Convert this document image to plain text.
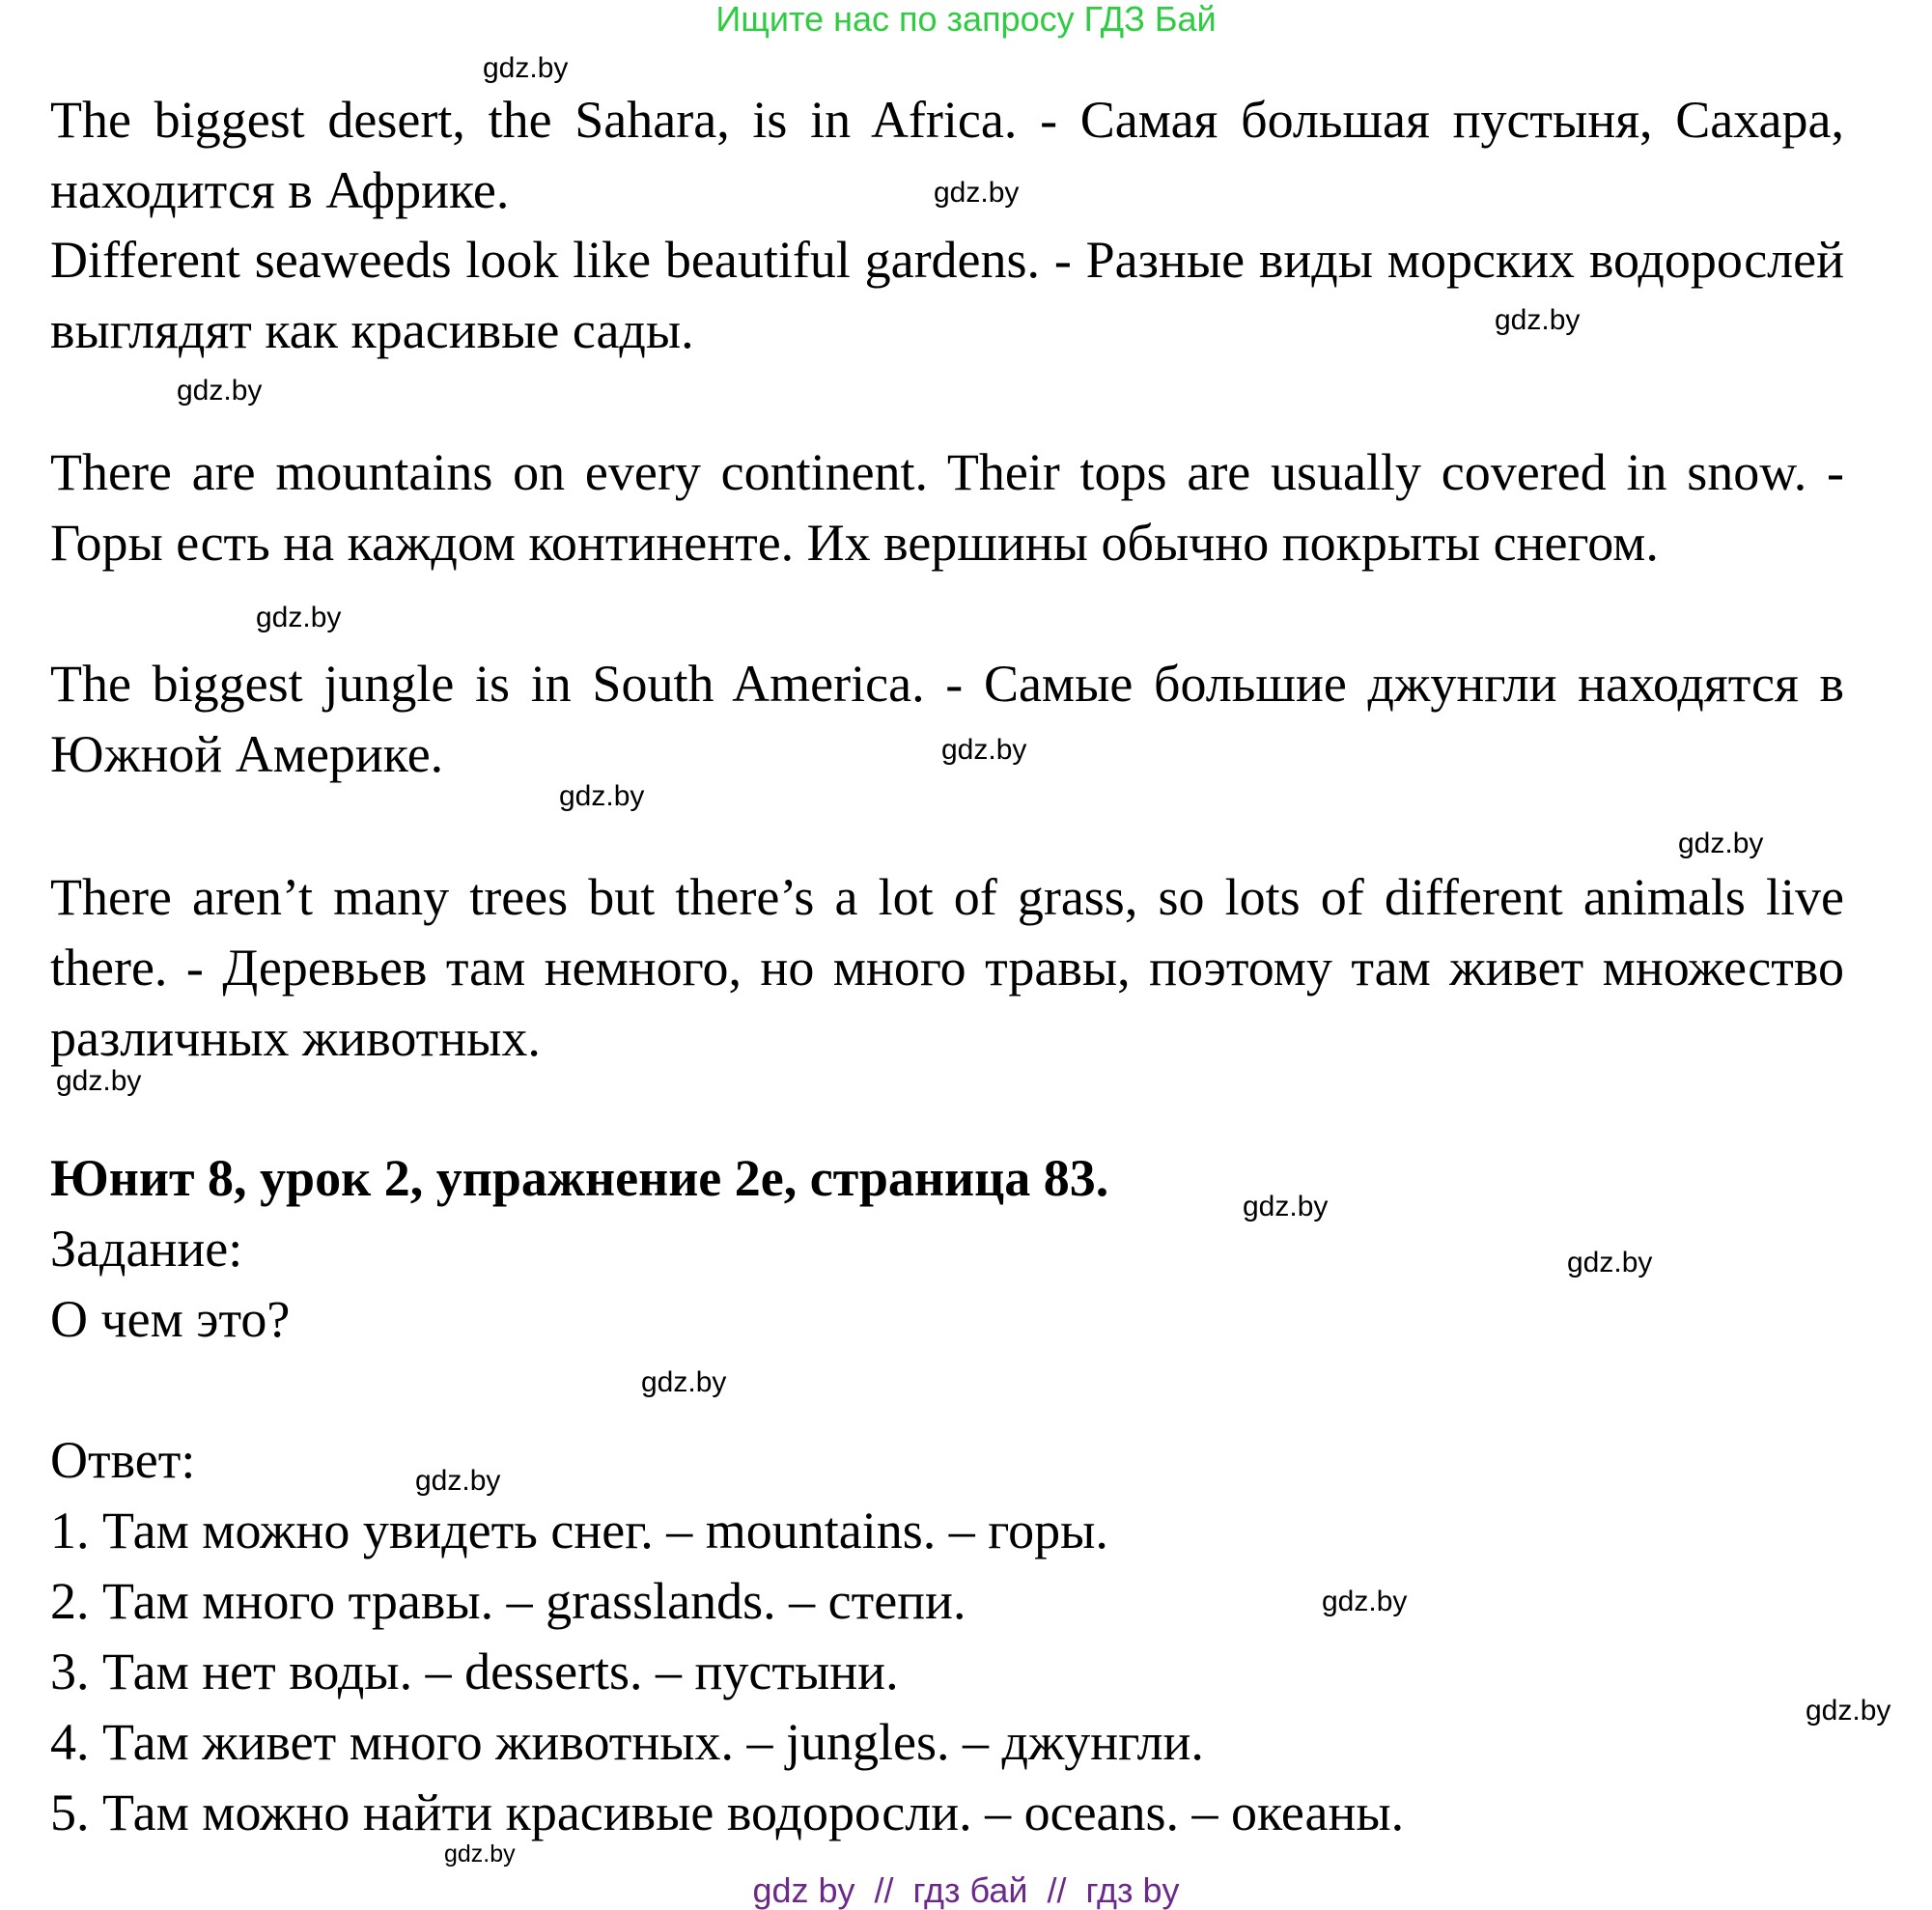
Ищите нас по запросу ГДЗ Бай

The biggest desert, the Sahara, is in Africa. - Самая большая пустыня, Сахара, находится в Африке.

Different seaweeds look like beautiful gardens. - Разные виды морских водорослей выглядят как красивые сады.

There are mountains on every continent. Their tops are usually covered in snow. - Горы есть на каждом континенте. Их вершины обычно покрыты снегом.

The biggest jungle is in South America. - Самые большие джунгли находятся в Южной Америке.

There aren’t many trees but there’s a lot of grass, so lots of different animals live there. - Деревьев там немного, но много травы, поэтому там живет множество различных животных.

Юнит 8, урок 2, упражнение 2е, страница 83.

Задание:

О чем это?

Ответ:

1. Там можно увидеть снег. – mountains. – горы.

2. Там много травы. – grasslands. – степи.

3. Там нет воды. – desserts. – пустыни.

4. Там живет много животных. – jungles. – джунгли.

5. Там можно найти красивые водоросли. – oceans. – океаны.

gdz.by
gdz.by
gdz.by
gdz.by
gdz.by
gdz.by
gdz.by
gdz.by
gdz.by
gdz.by
gdz.by
gdz.by
gdz.by
gdz.by
gdz.by
gdz.by
gdz by  //  гдз бай  //  гдз by
